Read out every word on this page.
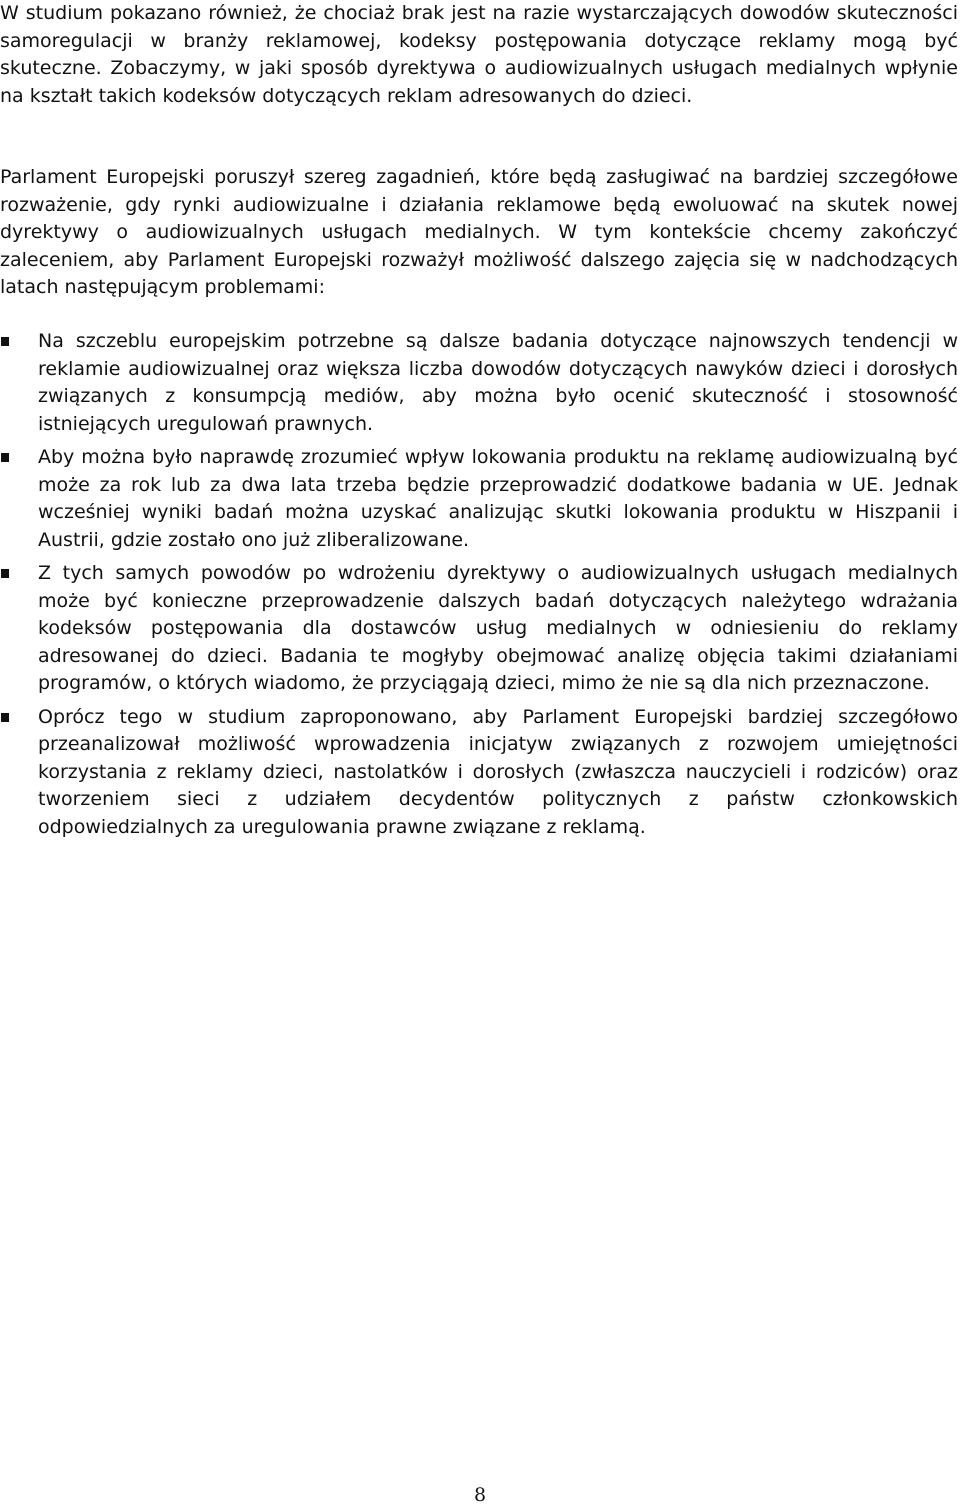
W studium pokazano również, że chociaż brak jest na razie wystarczających dowodów skuteczności samoregulacji w branży reklamowej, kodeksy postępowania dotyczące reklamy mogą być skuteczne. Zobaczymy, w jaki sposób dyrektywa o audiowizualnych usługach medialnych wpłynie na kształt takich kodeksów dotyczących reklam adresowanych do dzieci.

Parlament Europejski poruszył szereg zagadnień, które będą zasługiwać na bardziej szczegółowe rozważenie, gdy rynki audiowizualne i działania reklamowe będą ewoluować na skutek nowej dyrektywy o audiowizualnych usługach medialnych. W tym kontekście chcemy zakończyć zaleceniem, aby Parlament Europejski rozważył możliwość dalszego zajęcia się w nadchodzących latach następującym problemami:

Na szczeblu europejskim potrzebne są dalsze badania dotyczące najnowszych tendencji w reklamie audiowizualnej oraz większa liczba dowodów dotyczących nawyków dzieci i dorosłych związanych z konsumpcją mediów, aby można było ocenić skuteczność i stosowność istniejących uregulowań prawnych.
Aby można było naprawdę zrozumieć wpływ lokowania produktu na reklamę audiowizualną być może za rok lub za dwa lata trzeba będzie przeprowadzić dodatkowe badania w UE. Jednak wcześniej wyniki badań można uzyskać analizując skutki lokowania produktu w Hiszpanii i Austrii, gdzie zostało ono już zliberalizowane.
Z tych samych powodów po wdrożeniu dyrektywy o audiowizualnych usługach medialnych może być konieczne przeprowadzenie dalszych badań dotyczących należytego wdrażania kodeksów postępowania dla dostawców usług medialnych w odniesieniu do reklamy adresowanej do dzieci. Badania te mogłyby obejmować analizę objęcia takimi działaniami programów, o których wiadomo, że przyciągają dzieci, mimo że nie są dla nich przeznaczone.
Oprócz tego w studium zaproponowano, aby Parlament Europejski bardziej szczegółowo przeanalizował możliwość wprowadzenia inicjatyw związanych z rozwojem umiejętności korzystania z reklamy dzieci, nastolatków i dorosłych (zwłaszcza nauczycieli i rodziców) oraz tworzeniem sieci z udziałem decydentów politycznych z państw członkowskich odpowiedzialnych za uregulowania prawne związane z reklamą.
8
